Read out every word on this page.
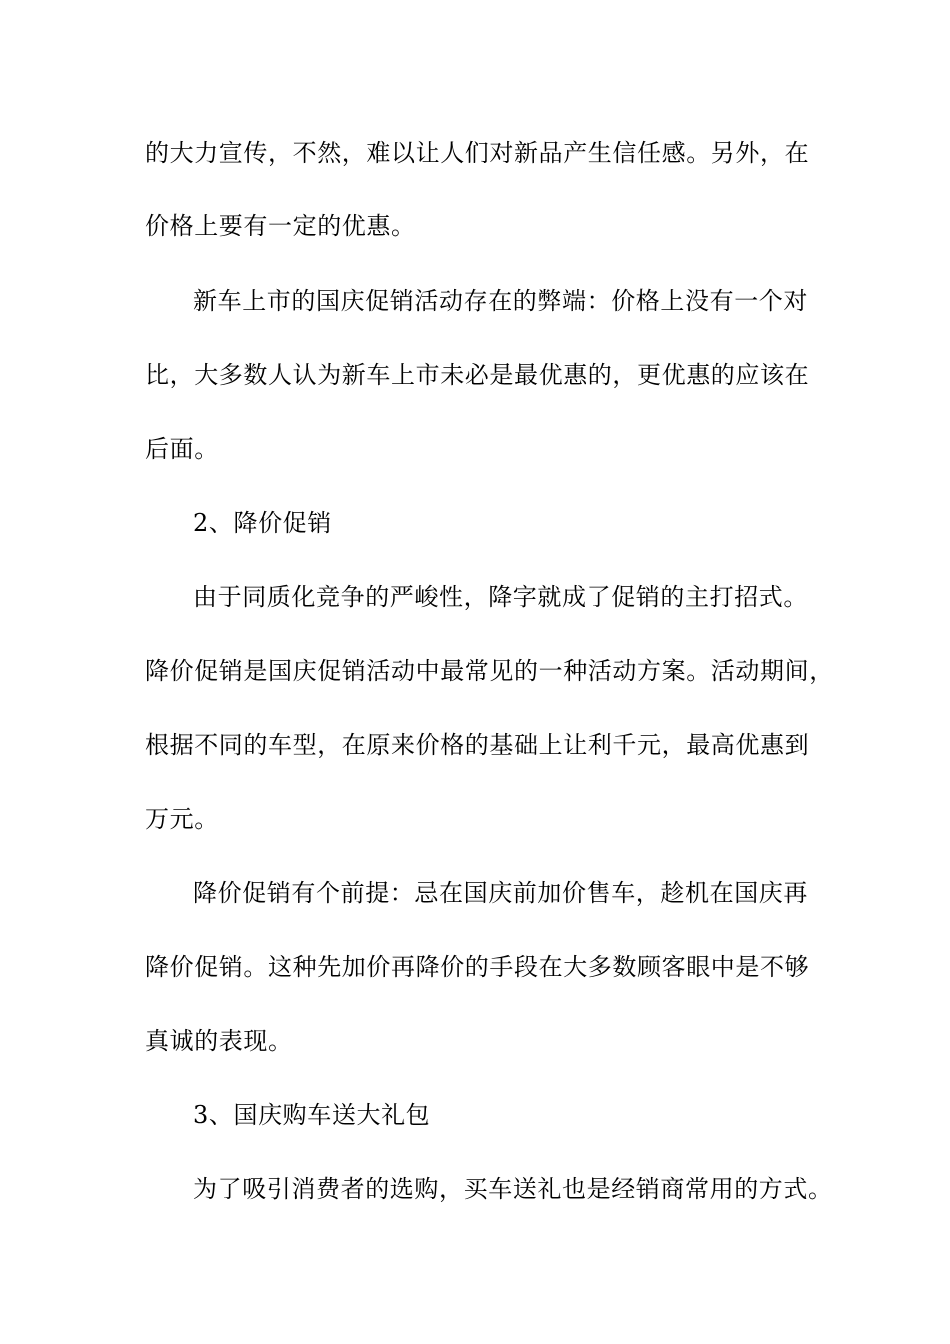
的大力宣传，不然，难以让人们对新品产生信任感。另外，在
价格上要有一定的优惠。
新车上市的国庆促销活动存在的弊端：价格上没有一个对
比，大多数人认为新车上市未必是最优惠的，更优惠的应该在
后面。
2、降价促销
由于同质化竞争的严峻性，降字就成了促销的主打招式。
降价促销是国庆促销活动中最常见的一种活动方案。活动期间，
根据不同的车型，在原来价格的基础上让利千元，最高优惠到
万元。
降价促销有个前提：忌在国庆前加价售车，趁机在国庆再
降价促销。这种先加价再降价的手段在大多数顾客眼中是不够
真诚的表现。
3、国庆购车送大礼包
为了吸引消费者的选购，买车送礼也是经销商常用的方式。
